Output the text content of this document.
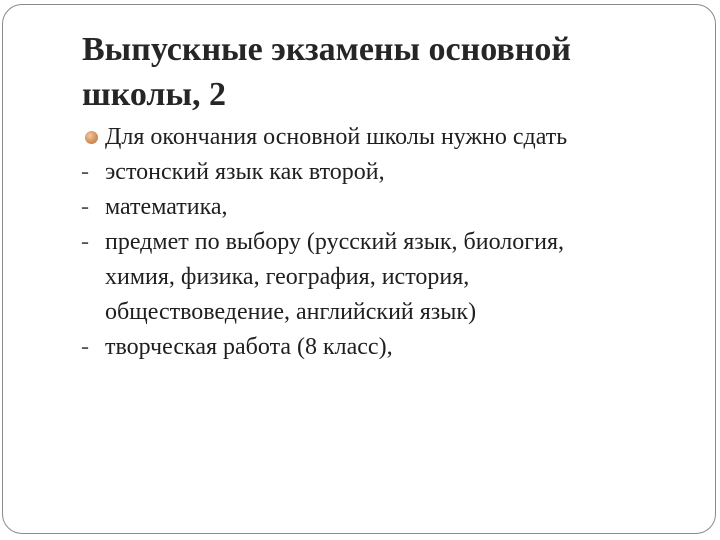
Выпускные экзамены основной
школы, 2
Для окончания основной школы нужно сдать
- эстонский язык как второй,
- математика,
- предмет по выбору (русский язык, биология,
химия, физика, география, история,
обществоведение, английский язык)
- творческая работа (8 класс),
